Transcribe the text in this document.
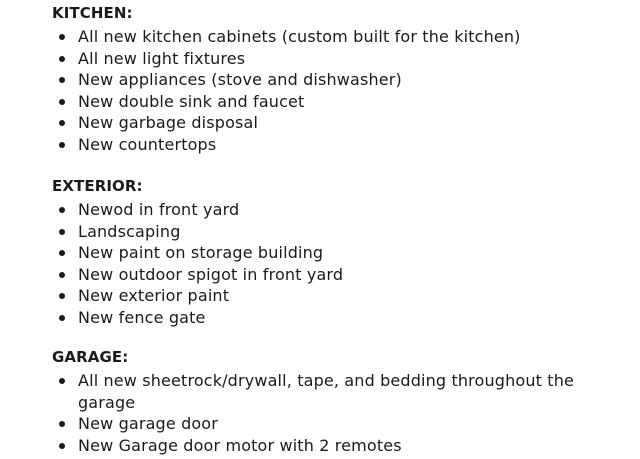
KITCHEN:
All new kitchen cabinets (custom built for the kitchen)
All new light fixtures
New appliances (stove and dishwasher)
New double sink and faucet
New garbage disposal
New countertops
EXTERIOR:
Newod in front yard
Landscaping
New paint on storage building
New outdoor spigot in front yard
New exterior paint
New fence gate
GARAGE:
All new sheetrock/drywall, tape, and bedding throughout the garage
New garage door
New Garage door motor with 2 remotes
